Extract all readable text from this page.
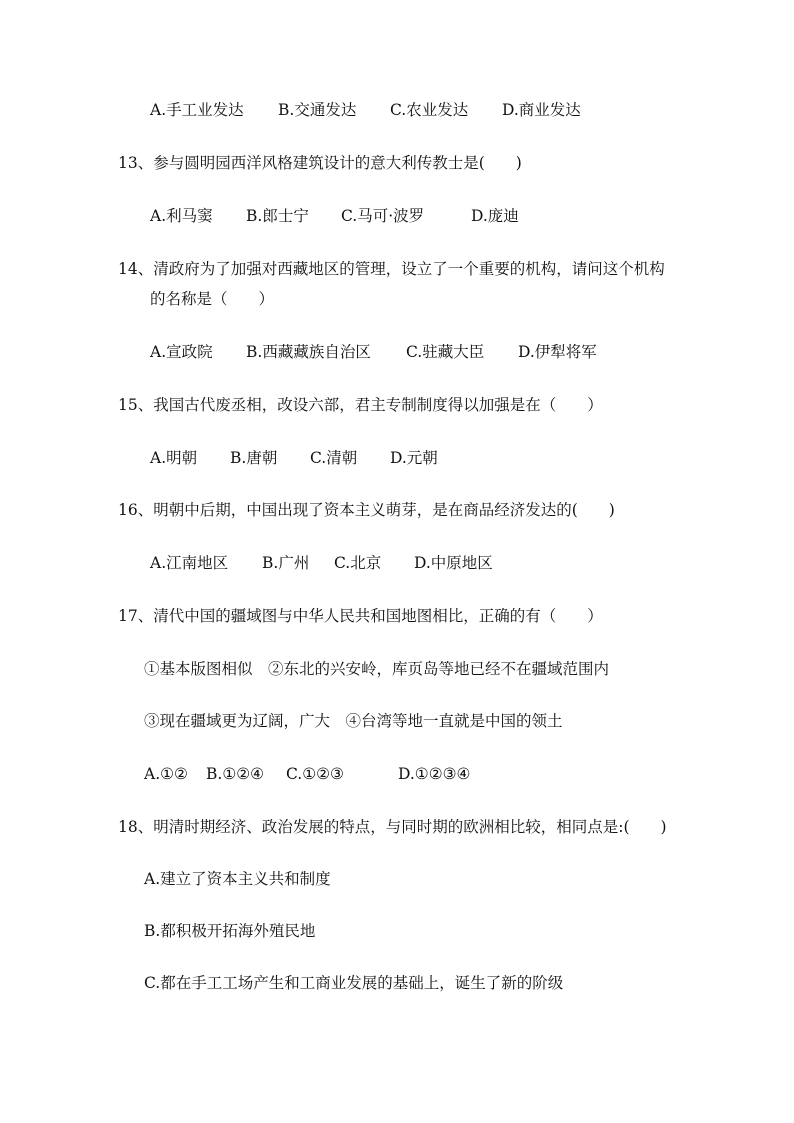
A.手工业发达 B.交通发达 C.农业发达 D.商业发达
13、参与圆明园西洋风格建筑设计的意大利传教士是(　　)
A.利马窦 B.郎士宁 C.马可·波罗	D.庞迪
14、清政府为了加强对西藏地区的管理，设立了一个重要的机构，请问这个机构
的名称是（　　）
A.宣政院 B.西藏藏族自治区 C.驻藏大臣 D.伊犁将军
15、我国古代废丞相，改设六部，君主专制制度得以加强是在（　　）
A.明朝 B.唐朝 C.清朝 D.元朝
16、明朝中后期，中国出现了资本主义萌芽，是在商品经济发达的(　　)
A.江南地区 B.广州 C.北京 D.中原地区
17、清代中国的疆域图与中华人民共和国地图相比，正确的有（　　）
①基本版图相似　②东北的兴安岭，库页岛等地已经不在疆域范围内
③现在疆域更为辽阔，广大　④台湾等地一直就是中国的领土
A.①② B.①②④ C.①②③	D.①②③④
18、明清时期经济、政治发展的特点，与同时期的欧洲相比较，相同点是:(　　)
A.建立了资本主义共和制度
B.都积极开拓海外殖民地
C.都在手工工场产生和工商业发展的基础上，诞生了新的阶级
